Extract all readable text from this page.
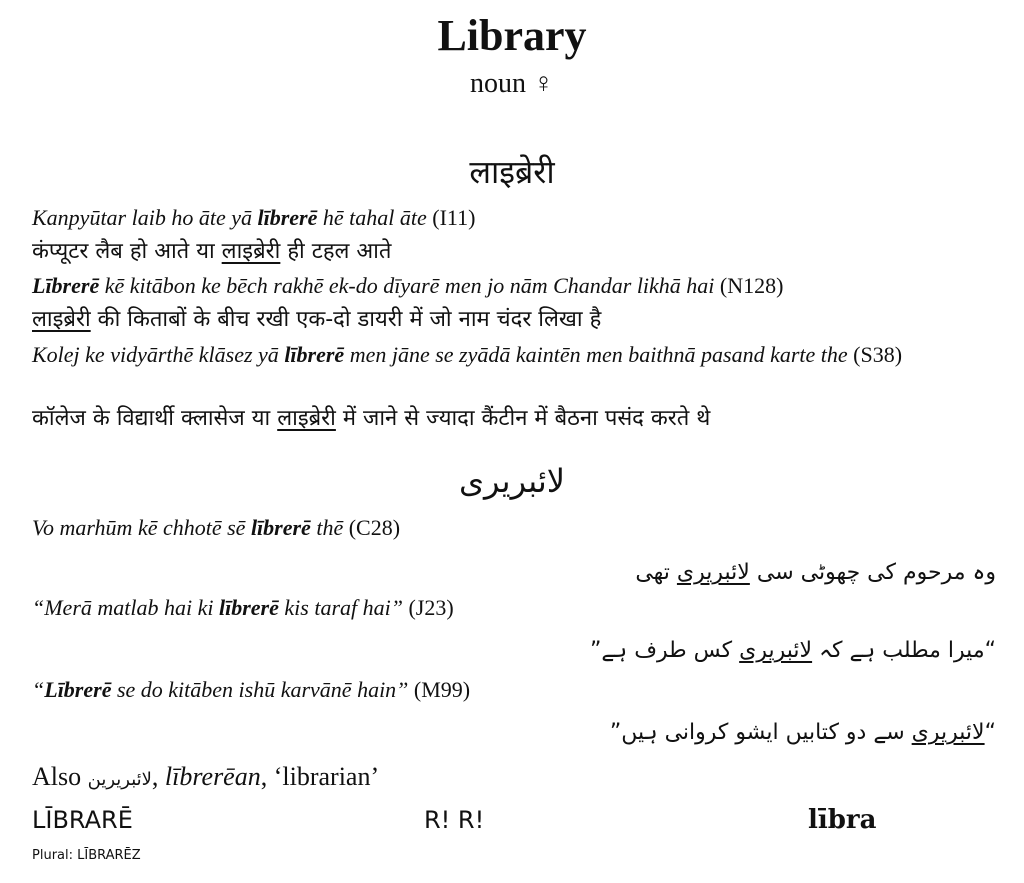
Library
noun ♀
लाइब्रेरी
Kanpyūtar laib ho āte yā lībrerē hē tahal āte (I11)
कंप्यूटर लैब हो आते या लाइब्रेरी ही टहल आते
Lībrerē kē kitābon ke bēch rakhē ek-do dīyarē men jo nām Chandar likhā hai (N128)
लाइब्रेरी की किताबों के बीच रखी एक-दो डायरी में जो नाम चंदर लिखा है
Kolej ke vidyārthē klāsez yā lībrerē men jāne se zyādā kaintēn men baithnā pasand karte the (S38)
कॉलेज के विद्यार्थी क्लासेज या लाइब्रेरी में जाने से ज्यादा कैंटीन में बैठना पसंद करते थे
لائبریری
Vo marhūm kē chhotē sē lībrerē thē (C28)
وہ مرحوم کی چھوٹی سی لائبریری تھی
“Merā matlab hai ki lībrerē kis taraf hai” (J23)
“میرا مطلب ہے کہ لائبریری کس طرف ہے”
“Lībrerē se do kitāben ishū karvānē hain” (M99)
“لائبریری سے دو کتابیں ایشو کروانی ہیں”
Also لائبریرین, lībrerēan, ‘librarian’
LĪBRARĒ
Plural: LĪBRARĒZ
R! R!	lībra
